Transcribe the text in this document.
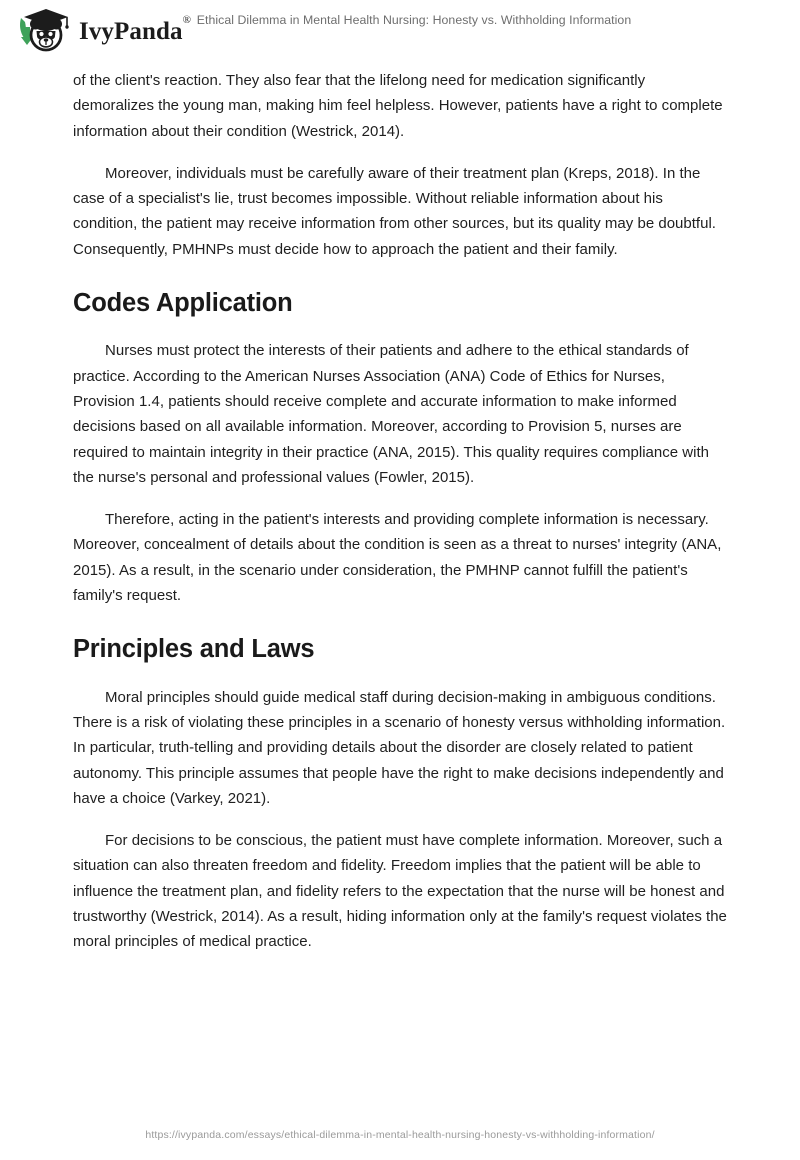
IvyPanda® Ethical Dilemma in Mental Health Nursing: Honesty vs. Withholding Information

of the client's reaction. They also fear that the lifelong need for medication significantly demoralizes the young man, making him feel helpless. However, patients have a right to complete information about their condition (Westrick, 2014).

Moreover, individuals must be carefully aware of their treatment plan (Kreps, 2018). In the case of a specialist's lie, trust becomes impossible. Without reliable information about his condition, the patient may receive information from other sources, but its quality may be doubtful. Consequently, PMHNPs must decide how to approach the patient and their family.

Codes Application

Nurses must protect the interests of their patients and adhere to the ethical standards of practice. According to the American Nurses Association (ANA) Code of Ethics for Nurses, Provision 1.4, patients should receive complete and accurate information to make informed decisions based on all available information. Moreover, according to Provision 5, nurses are required to maintain integrity in their practice (ANA, 2015). This quality requires compliance with the nurse's personal and professional values (Fowler, 2015).

Therefore, acting in the patient's interests and providing complete information is necessary. Moreover, concealment of details about the condition is seen as a threat to nurses' integrity (ANA, 2015). As a result, in the scenario under consideration, the PMHNP cannot fulfill the patient's family's request.

Principles and Laws

Moral principles should guide medical staff during decision-making in ambiguous conditions. There is a risk of violating these principles in a scenario of honesty versus withholding information. In particular, truth-telling and providing details about the disorder are closely related to patient autonomy. This principle assumes that people have the right to make decisions independently and have a choice (Varkey, 2021).

For decisions to be conscious, the patient must have complete information. Moreover, such a situation can also threaten freedom and fidelity. Freedom implies that the patient will be able to influence the treatment plan, and fidelity refers to the expectation that the nurse will be honest and trustworthy (Westrick, 2014). As a result, hiding information only at the family's request violates the moral principles of medical practice.

https://ivypanda.com/essays/ethical-dilemma-in-mental-health-nursing-honesty-vs-withholding-information/
